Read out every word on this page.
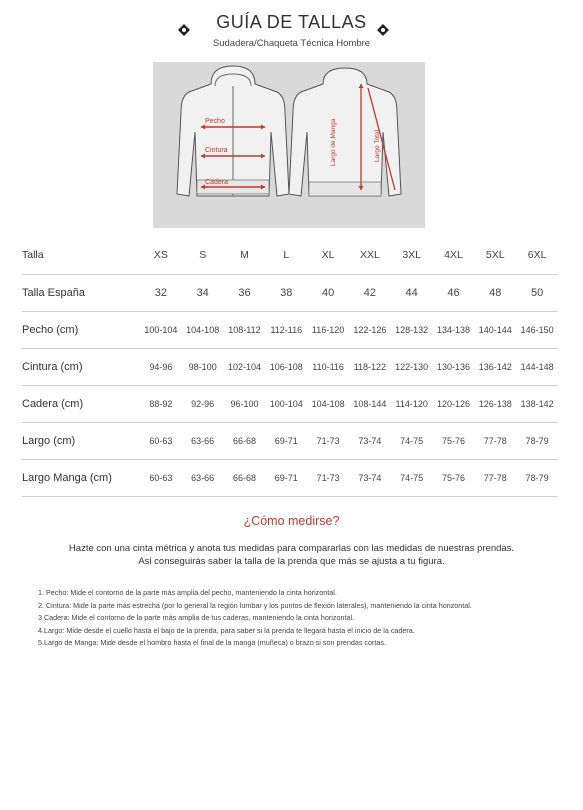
GUÍA DE TALLAS
Sudadera/Chaqueta Técnica Hombre
Pecho
Cintura
Cadera
Largo de Manga	Largo Total
Talla	XS	S	M	L	XL	XXL	3XL	4XL	5XL	6XL
Talla España	32	34	36	38	40	42	44	46	48	50
Pecho (cm)	100-104	104-108	108-112	112-116	116-120	122-126	128-132	134-138	140-144	146-150
Cintura (cm)	94-96	98-100	102-104	106-108	110-116	118-122	122-130	130-136	136-142	144-148
Cadera (cm)	88-92	92-96	96-100	100-104	104-108	108-144	114-120	120-126	126-138	138-142
Largo (cm)	60-63	63-66	66-68	69-71	71-73	73-74	74-75	75-76	77-78	78-79
Largo Manga (cm)	60-63	63-66	66-68	69-71	71-73	73-74	74-75	75-76	77-78	78-79
¿Cómo medirse?
Hazte con una cinta métrica y anota tus medidas para compararlas con las medidas de nuestras prendas.
Asi conseguirás saber la talla de la prenda que más se ajusta a tu figura.
1. Pecho: Mide el contorno de la parte más amplia del pecho, manteniendo la cinta horizontal.
2. Cintura: Mide la parte más estrecha (por lo general la región lumbar y los puntos de flexión laterales), manteniendo la cinta horizontal.
3.Cadera: Mide el contorno de la parte más amplia de tus caderas, manteniendo la cinta horizontal.
4.Largo: Mide desde el cuello hasta el bajo de la prenda, para saber si la prenda te llegará hasta el inicio de la cadera.
5.Largo de Manga: Mide desde el hombro hasta el final de la manga (muñeca) o brazo si son prendas cortas.
